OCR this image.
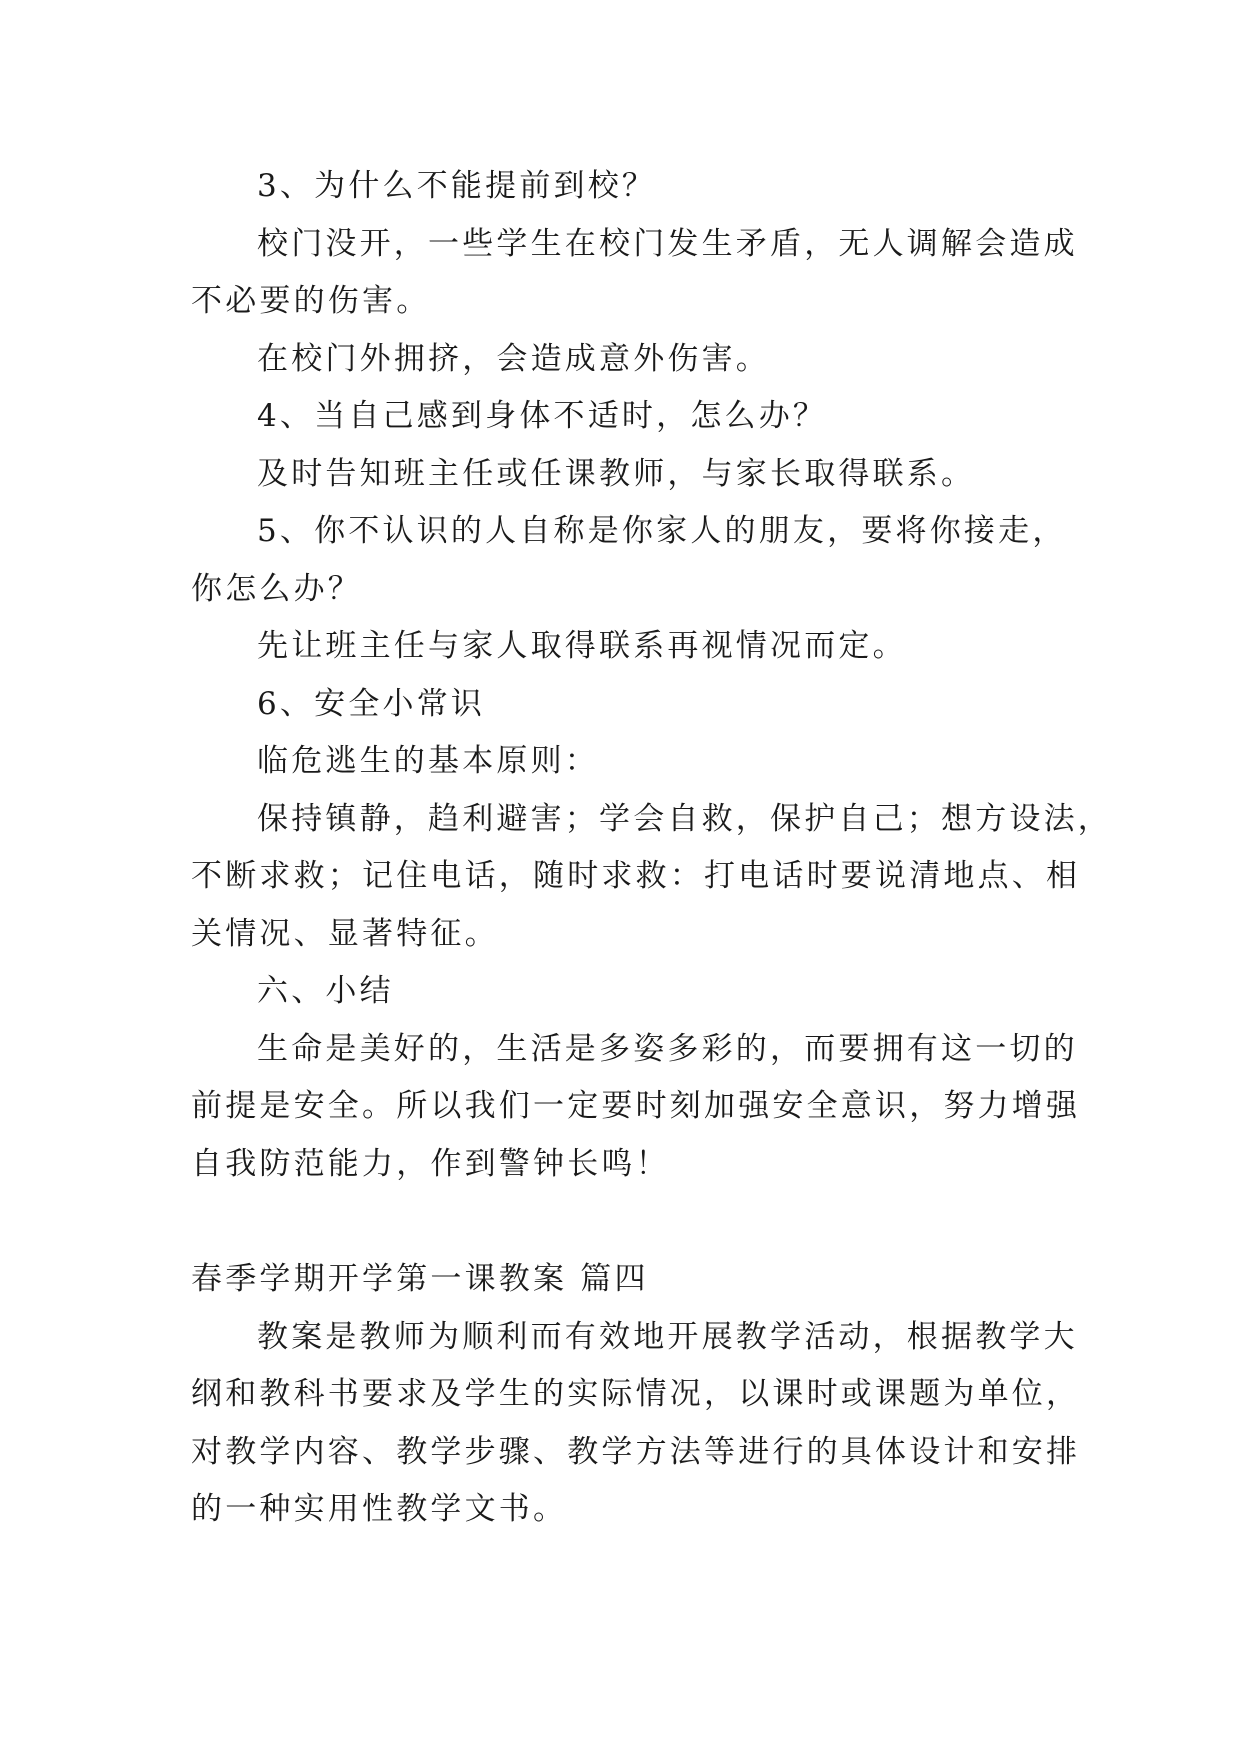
3、为什么不能提前到校？

校门没开，一些学生在校门发生矛盾，无人调解会造成

不必要的伤害。

在校门外拥挤，会造成意外伤害。

4、当自己感到身体不适时，怎么办？

及时告知班主任或任课教师，与家长取得联系。

5、你不认识的人自称是你家人的朋友，要将你接走，

你怎么办？

先让班主任与家人取得联系再视情况而定。

6、安全小常识

临危逃生的基本原则：

保持镇静，趋利避害；学会自救，保护自己；想方设法，

不断求救；记住电话，随时求救：打电话时要说清地点、相

关情况、显著特征。

六、小结

生命是美好的，生活是多姿多彩的，而要拥有这一切的

前提是安全。所以我们一定要时刻加强安全意识，努力增强

自我防范能力，作到警钟长鸣！

春季学期开学第一课教案 篇四

教案是教师为顺利而有效地开展教学活动，根据教学大

纲和教科书要求及学生的实际情况，以课时或课题为单位，

对教学内容、教学步骤、教学方法等进行的具体设计和安排

的一种实用性教学文书。
